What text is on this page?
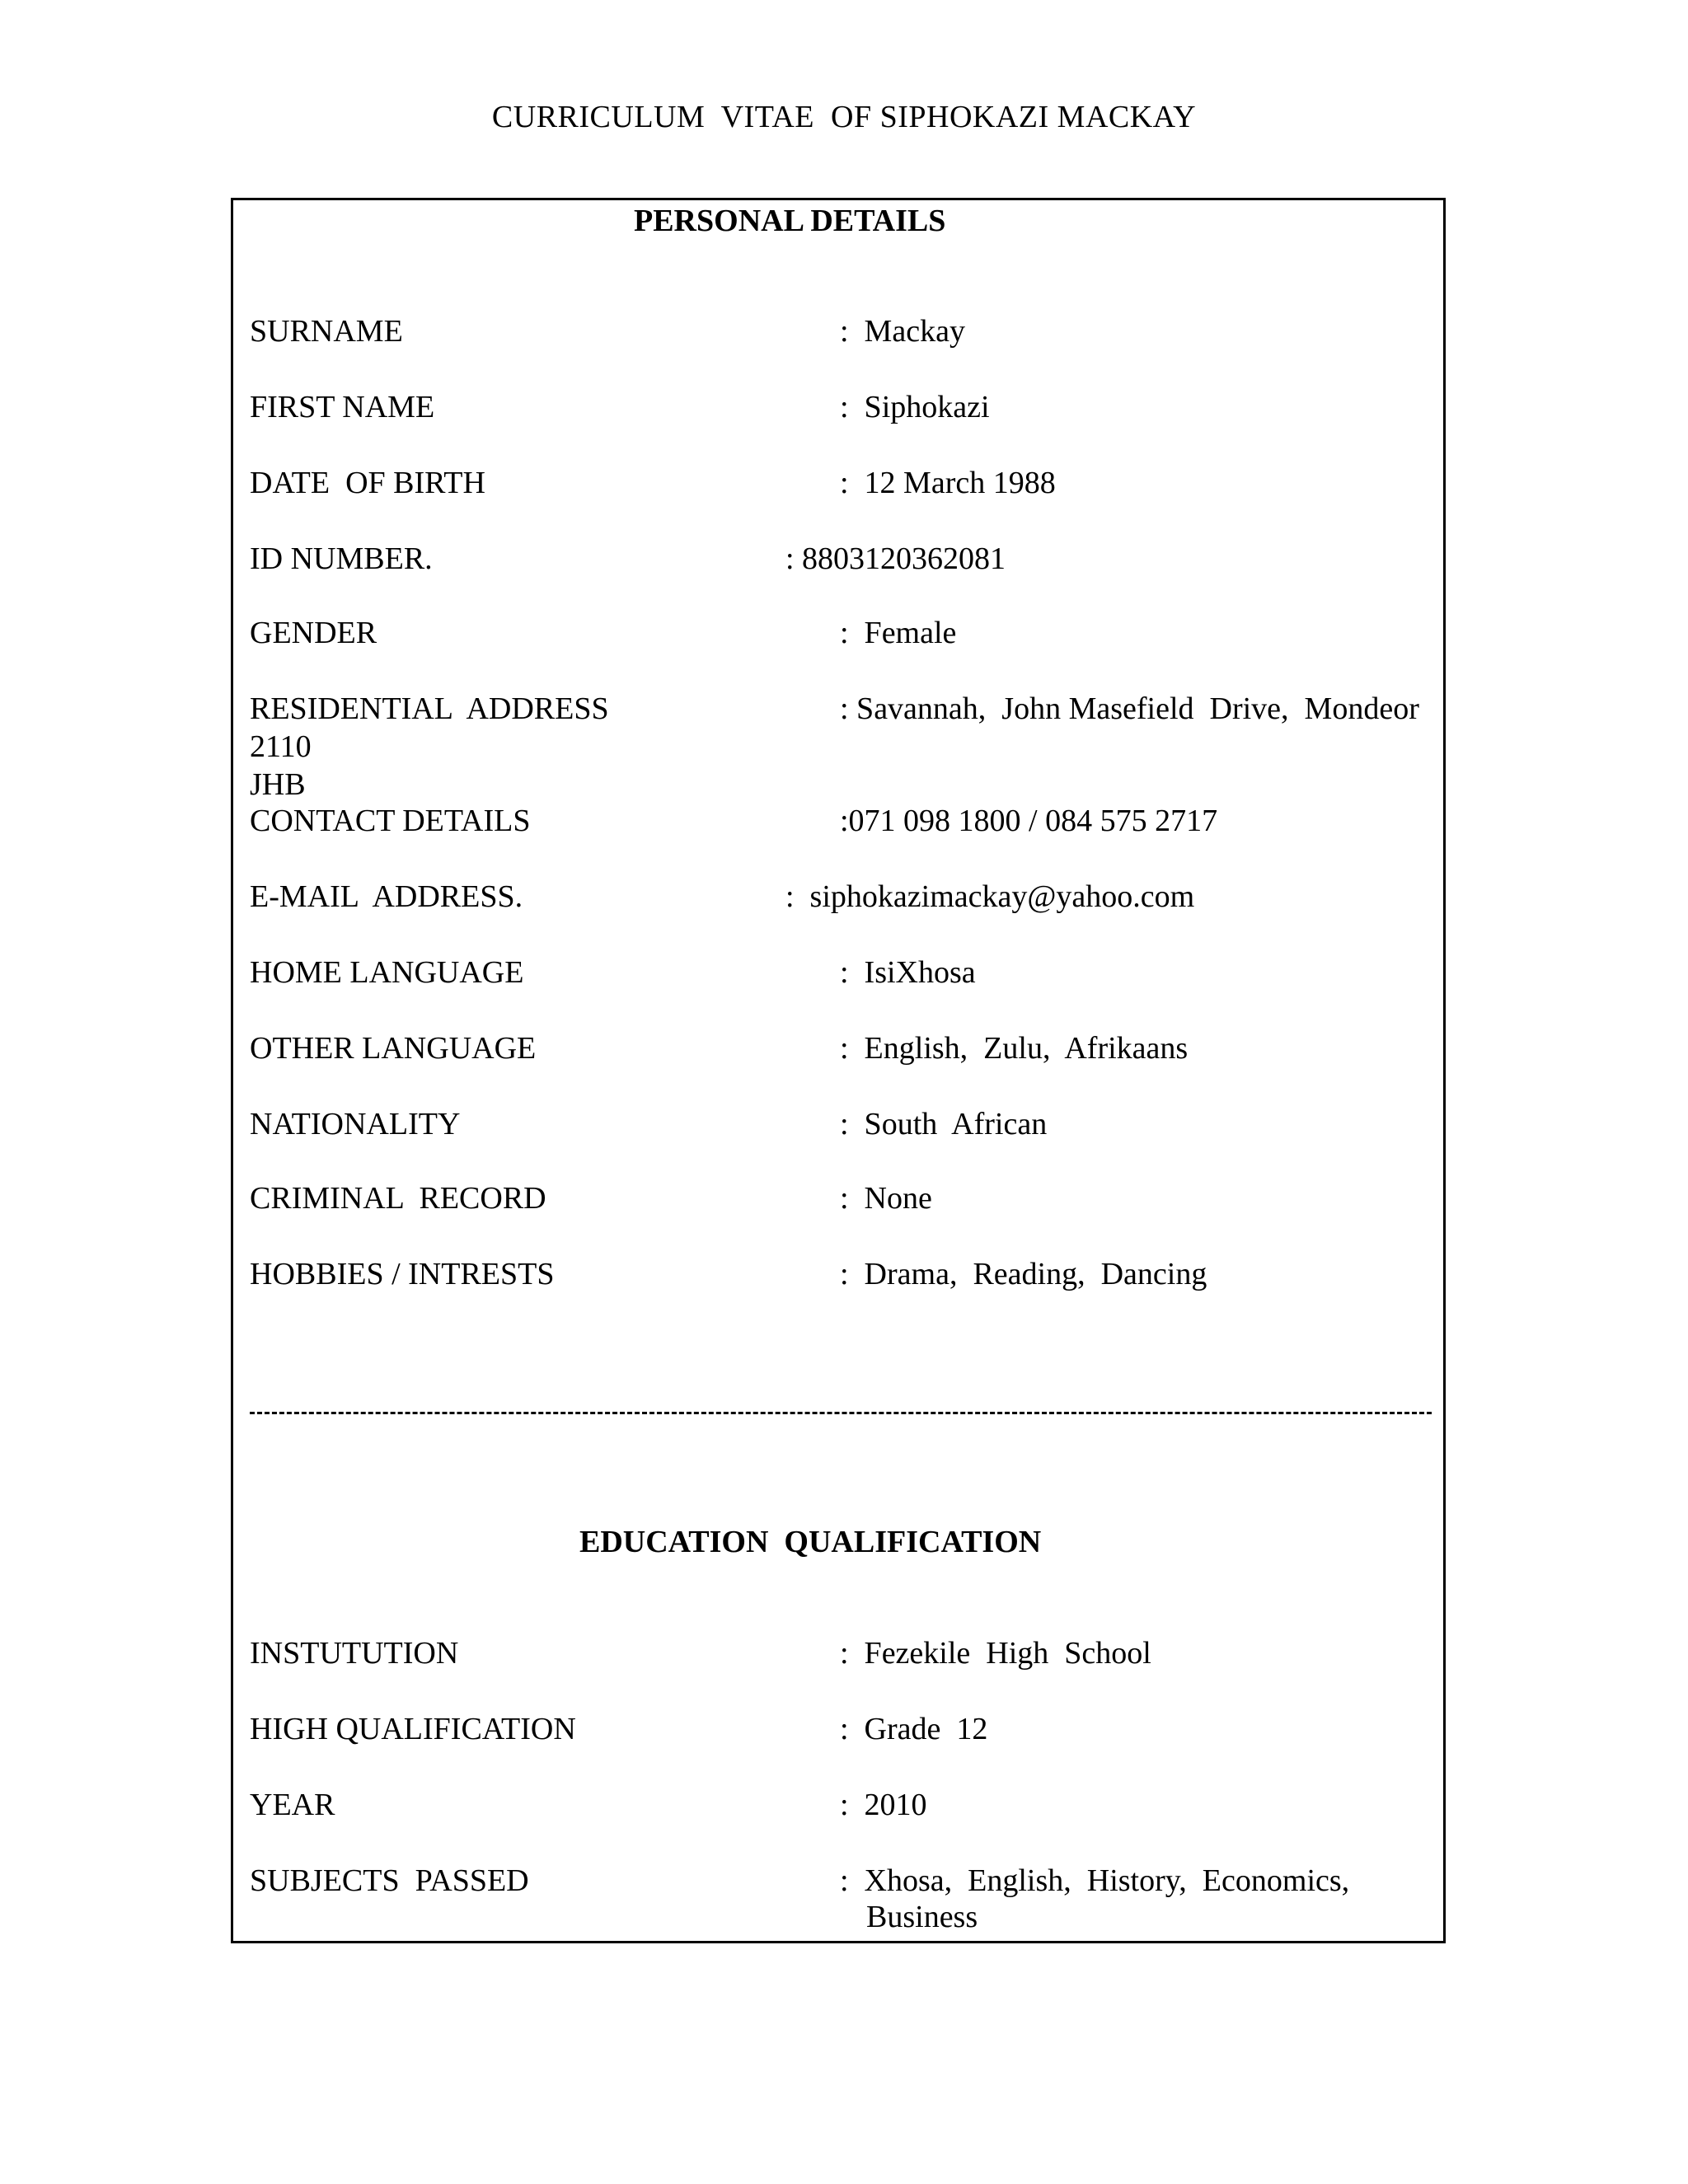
CURRICULUM  VITAE  OF SIPHOKAZI MACKAY
PERSONAL DETAILS
SURNAME	:  Mackay
FIRST NAME	:  Siphokazi
DATE  OF BIRTH	:  12 March 1988
ID NUMBER.	: 8803120362081
GENDER	:  Female
RESIDENTIAL  ADDRESS	: Savannah,  John Masefield  Drive,  Mondeor
2110
JHB
CONTACT DETAILS	:071 098 1800 / 084 575 2717
E-MAIL  ADDRESS.	:  siphokazimackay@yahoo.com
HOME LANGUAGE	:  IsiXhosa
OTHER LANGUAGE	:  English,  Zulu,  Afrikaans
NATIONALITY	:  South  African
CRIMINAL  RECORD	:  None
HOBBIES / INTRESTS	:  Drama,  Reading,  Dancing
EDUCATION  QUALIFICATION
INSTUTUTION	:  Fezekile  High  School
HIGH QUALIFICATION	:  Grade  12
YEAR	:  2010
SUBJECTS  PASSED	:  Xhosa,  English,  History,  Economics,
Business
